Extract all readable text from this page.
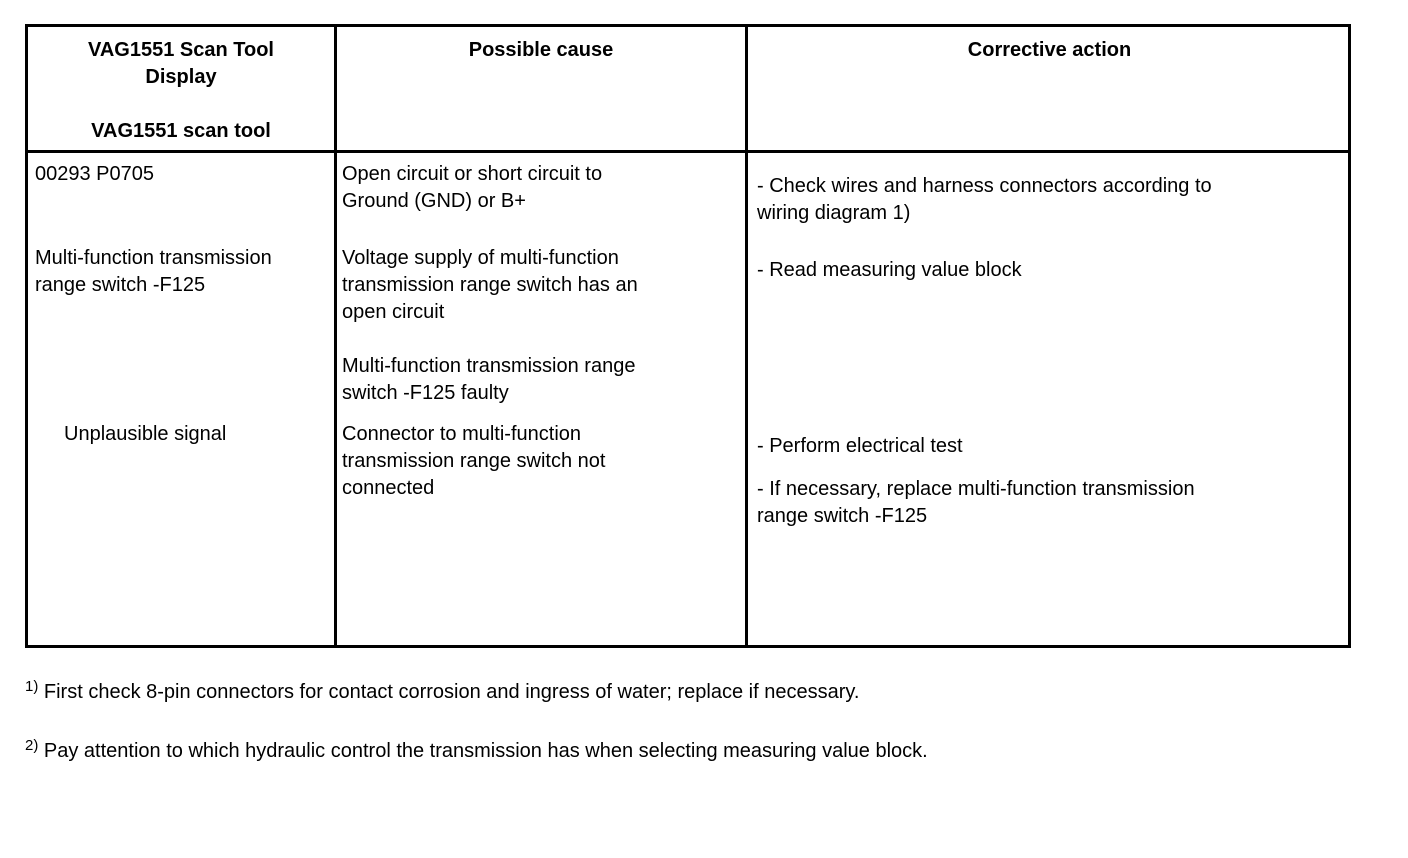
VAG1551 Scan Tool
Display
VAG1551 scan tool
Possible cause	Corrective action
00293 P0705
Multi-function transmission
range switch -F125
Unplausible signal
Open circuit or short circuit to
Ground (GND) or B+
Voltage supply of multi-function
transmission range switch has an
open circuit
Multi-function transmission range
switch -F125 faulty
Connector to multi-function
transmission range switch not
connected
- Check wires and harness connectors according to
wiring diagram 1)
- Read measuring value block
- Perform electrical test
- If necessary, replace multi-function transmission
range switch -F125
$^{1)}$ First check 8-pin connectors for contact corrosion and ingress of water; replace if necessary.
$^{2)}$ Pay attention to which hydraulic control the transmission has when selecting measuring value block.
